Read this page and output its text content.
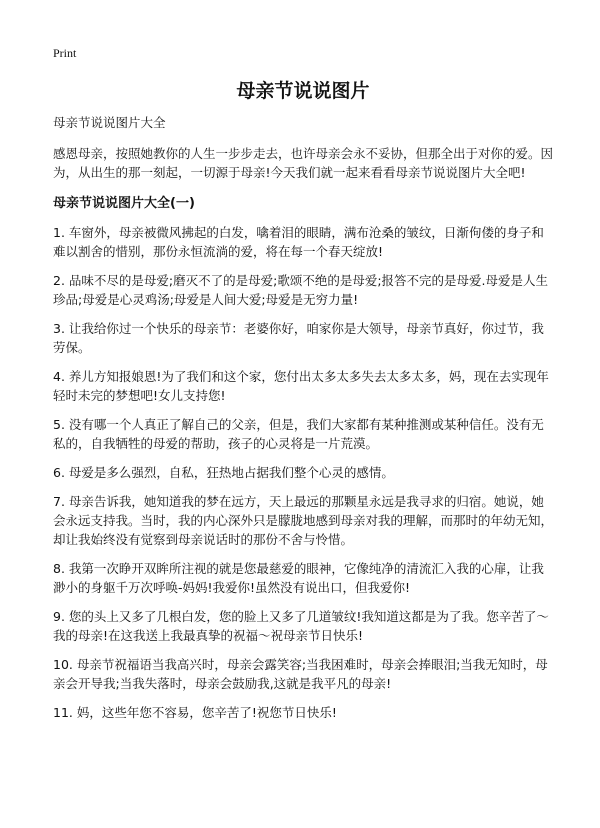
Print
母亲节说说图片

母亲节说说图片大全

感恩母亲，按照她教你的人生一步步走去，也许母亲会永不妥协，但那全出于对你的爱。因为，从出生的那一刻起，一切源于母亲!今天我们就一起来看看母亲节说说图片大全吧!

母亲节说说图片大全(一)

1. 车窗外，母亲被微风拂起的白发，噙着泪的眼睛，满布沧桑的皱纹，日渐佝偻的身子和难以割舍的惜别，那份永恒流淌的爱，将在每一个春天绽放!

2. 品味不尽的是母爱;磨灭不了的是母爱;歌颂不绝的是母爱;报答不完的是母爱.母爱是人生珍品;母爱是心灵鸡汤;母爱是人间大爱;母爱是无穷力量!

3. 让我给你过一个快乐的母亲节：老婆你好，咱家你是大领导，母亲节真好，你过节，我劳保。

4. 养儿方知报娘恩!为了我们和这个家，您付出太多太多失去太多太多，妈，现在去实现年轻时未完的梦想吧!女儿支持您!

5. 没有哪一个人真正了解自己的父亲，但是，我们大家都有某种推测或某种信任。没有无私的，自我牺牲的母爱的帮助，孩子的心灵将是一片荒漠。

6. 母爱是多么强烈，自私，狂热地占据我们整个心灵的感情。

7. 母亲告诉我，她知道我的梦在远方，天上最远的那颗星永远是我寻求的归宿。她说，她会永远支持我。当时，我的内心深外只是朦胧地感到母亲对我的理解，而那时的年幼无知，却让我始终没有觉察到母亲说话时的那份不舍与怜惜。

8. 我第一次睁开双眸所注视的就是您最慈爱的眼神，它像纯净的清流汇入我的心扉，让我渺小的身躯千万次呼唤-妈妈!我爱你!虽然没有说出口，但我爱你!

9. 您的头上又多了几根白发，您的脸上又多了几道皱纹!我知道这都是为了我。您辛苦了～我的母亲!在这我送上我最真挚的祝福～祝母亲节日快乐!

10. 母亲节祝福语当我高兴时，母亲会露笑容;当我困难时，母亲会捧眼泪;当我无知时，母亲会开导我;当我失落时，母亲会鼓励我,这就是我平凡的母亲!

11. 妈，这些年您不容易，您辛苦了!祝您节日快乐!
